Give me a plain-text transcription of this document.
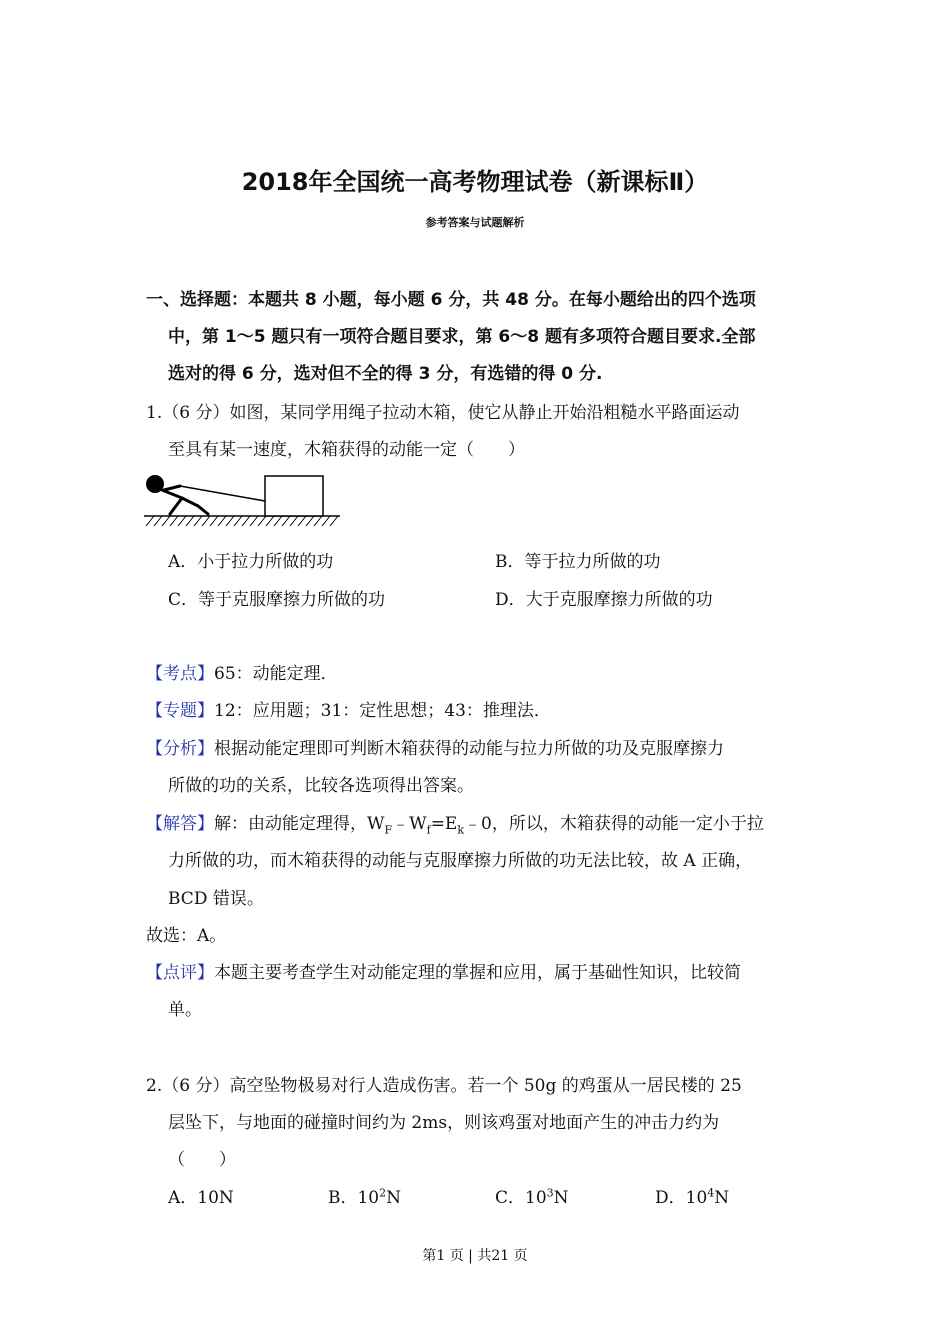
2018年全国统一高考物理试卷（新课标Ⅱ）
参考答案与试题解析
一、选择题：本题共 8 小题，每小题 6 分，共 48 分。在每小题给出的四个选项
中，第 1～5 题只有一项符合题目要求，第 6～8 题有多项符合题目要求.全部
选对的得 6 分，选对但不全的得 3 分，有选错的得 0 分.
1.（6 分）如图，某同学用绳子拉动木箱，使它从静止开始沿粗糙水平路面运动
至具有某一速度，木箱获得的动能一定（　　）
A．小于拉力所做的功	B．等于拉力所做的功
C．等于克服摩擦力所做的功	D．大于克服摩擦力所做的功
【考点】65：动能定理．
【专题】12：应用题；31：定性思想；43：推理法．
【分析】根据动能定理即可判断木箱获得的动能与拉力所做的功及克服摩擦力
所做的功的关系，比较各选项得出答案。
【解答】解：由动能定理得，$W_F﹣W_f=E_k﹣0$，所以，木箱获得的动能一定小于拉
力所做的功，而木箱获得的动能与克服摩擦力所做的功无法比较，故 A 正确，
BCD 错误。
故选：A。
【点评】本题主要考查学生对动能定理的掌握和应用，属于基础性知识，比较简
单。
2.（6 分）高空坠物极易对行人造成伤害。若一个 50g 的鸡蛋从一居民楼的 25
层坠下，与地面的碰撞时间约为 2ms，则该鸡蛋对地面产生的冲击力约为
（　　）
A．10N	B．$10^2N$	C．$10^3N$	D．$10^4N$
第1 页 | 共21 页
